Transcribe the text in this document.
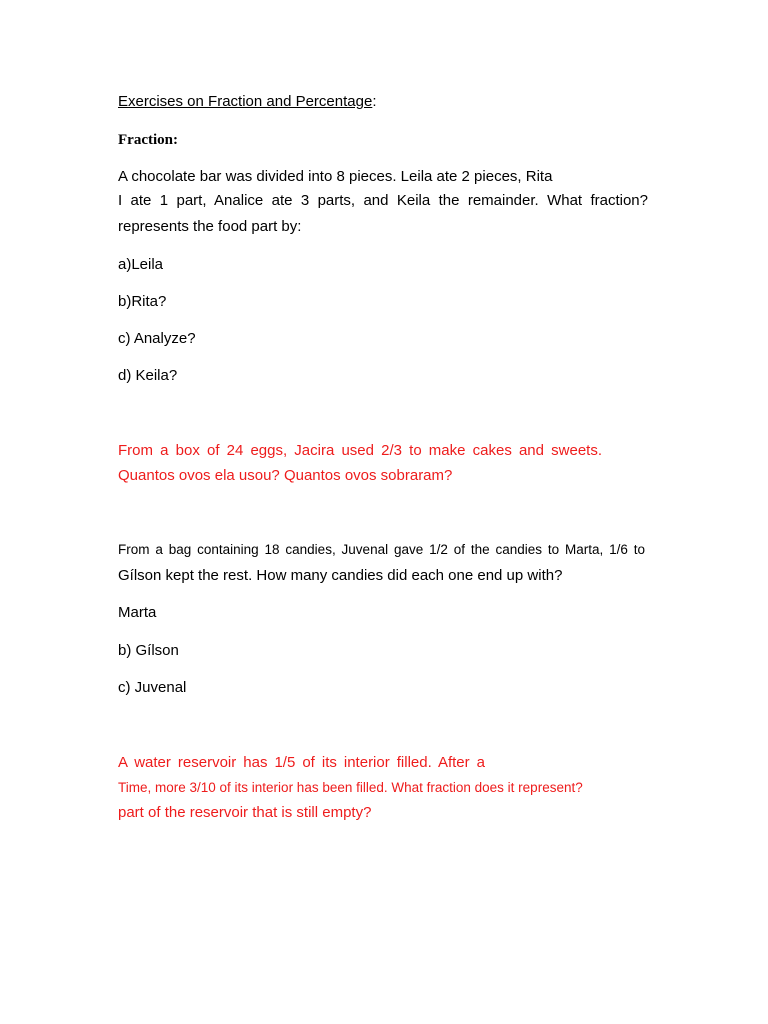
Exercises on Fraction and Percentage:

Fraction:

A chocolate bar was divided into 8 pieces. Leila ate 2 pieces, Rita

I ate 1 part, Analice ate 3 parts, and Keila the remainder. What fraction?

represents the food part by:

a)Leila

b)Rita?

c) Analyze?

d) Keila?

From a box of 24 eggs, Jacira used 2/3 to make cakes and sweets.

Quantos ovos ela usou? Quantos ovos sobraram?

From a bag containing 18 candies, Juvenal gave 1/2 of the candies to Marta, 1/6 to

Gílson kept the rest. How many candies did each one end up with?

Marta

b) Gílson

c) Juvenal

A water reservoir has 1/5 of its interior filled. After a

Time, more 3/10 of its interior has been filled. What fraction does it represent?

part of the reservoir that is still empty?
